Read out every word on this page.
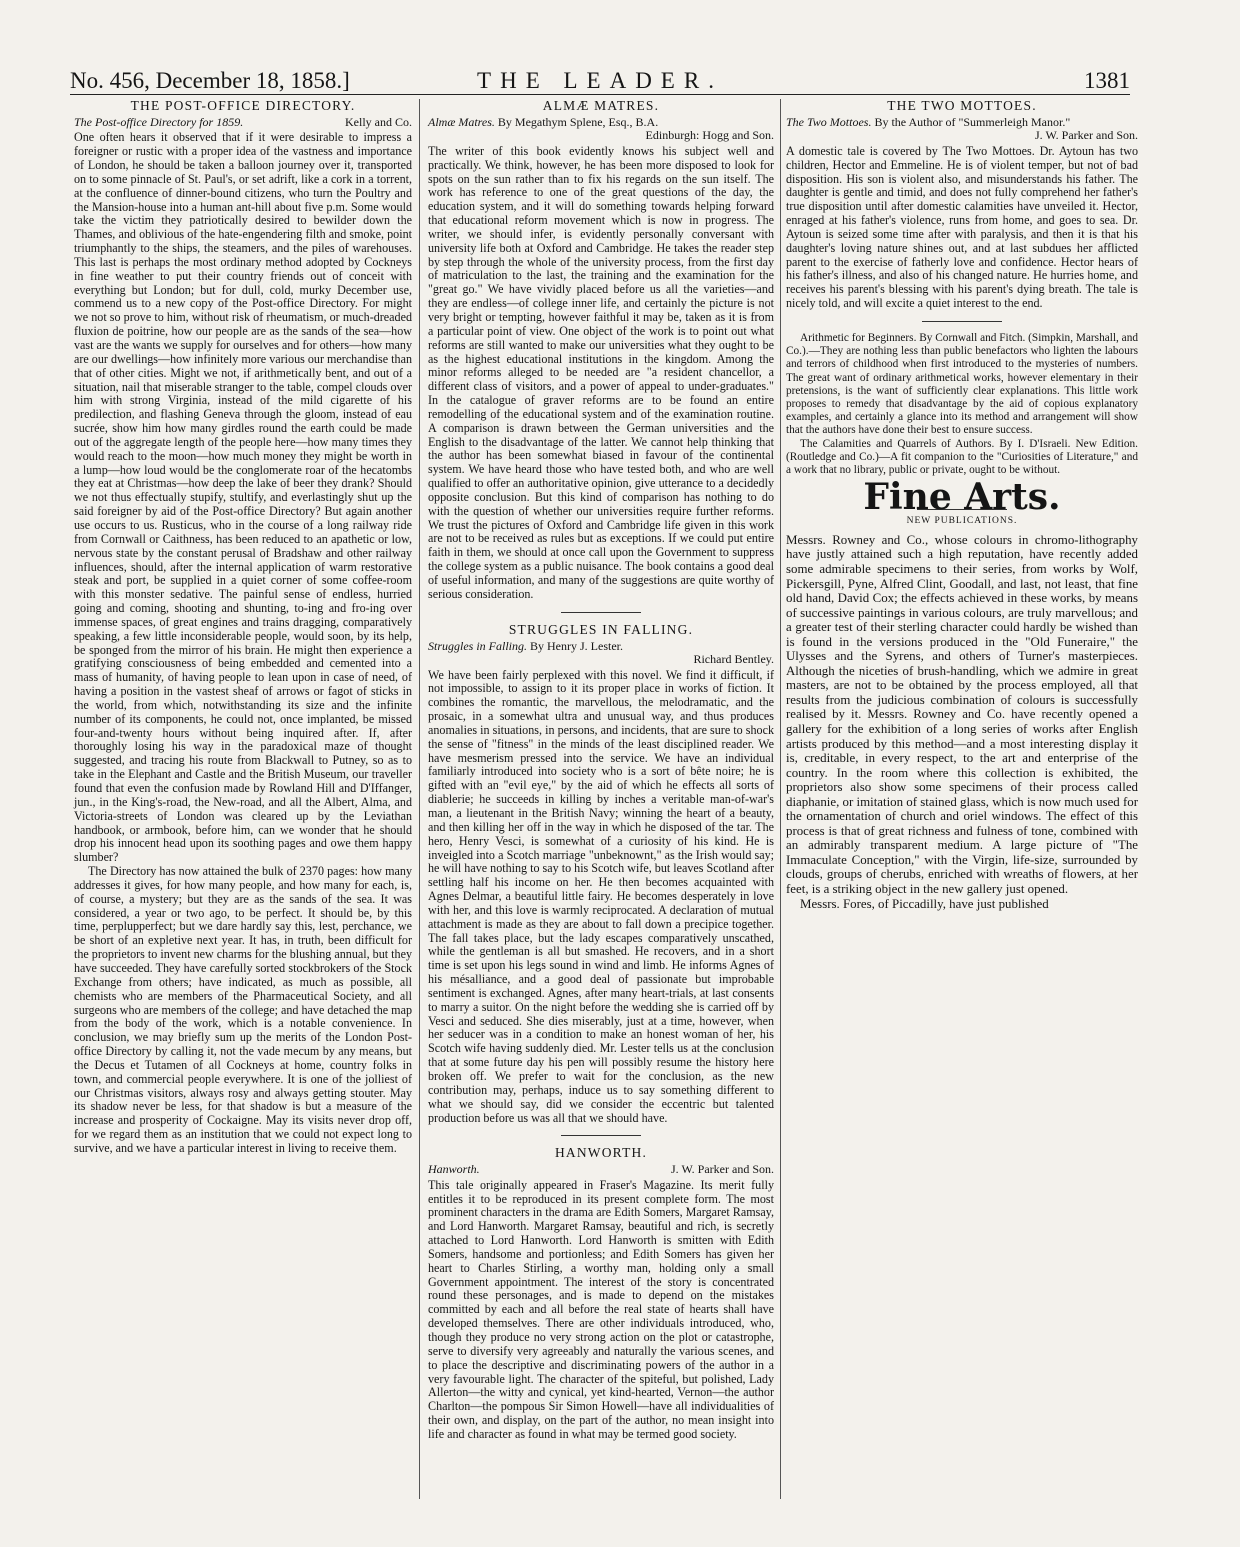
No. 456, December 18, 1858.]	THE LEADER.	1381
THE POST-OFFICE DIRECTORY.
The Post-office Directory for 1859.	Kelly and Co.

One often hears it observed that if it were desirable to impress a foreigner or rustic with a proper idea of the vastness and importance of London, he should be taken a balloon journey over it, transported on to some pinnacle of St. Paul's, or set adrift, like a cork in a torrent, at the confluence of dinner-bound citizens, who turn the Poultry and the Mansion-house into a human ant-hill about five p.m. Some would take the victim they patriotically desired to bewilder down the Thames, and oblivious of the hate-engendering filth and smoke, point triumphantly to the ships, the steamers, and the piles of warehouses. This last is perhaps the most ordinary method adopted by Cockneys in fine weather to put their country friends out of conceit with everything but London; but for dull, cold, murky December use, commend us to a new copy of the Post-office Directory. For might we not so prove to him, without risk of rheumatism, or much-dreaded fluxion de poitrine, how our people are as the sands of the sea—how vast are the wants we supply for ourselves and for others—how many are our dwellings—how infinitely more various our merchandise than that of other cities. Might we not, if arithmetically bent, and out of a situation, nail that miserable stranger to the table, compel clouds over him with strong Virginia, instead of the mild cigarette of his predilection, and flashing Geneva through the gloom, instead of eau sucrée, show him how many girdles round the earth could be made out of the aggregate length of the people here—how many times they would reach to the moon—how much money they might be worth in a lump—how loud would be the conglomerate roar of the hecatombs they eat at Christmas—how deep the lake of beer they drank? Should we not thus effectually stupify, stultify, and everlastingly shut up the said foreigner by aid of the Post-office Directory? But again another use occurs to us. Rusticus, who in the course of a long railway ride from Cornwall or Caithness, has been reduced to an apathetic or low, nervous state by the constant perusal of Bradshaw and other railway influences, should, after the internal application of warm restorative steak and port, be supplied in a quiet corner of some coffee-room with this monster sedative. The painful sense of endless, hurried going and coming, shooting and shunting, to-ing and fro-ing over immense spaces, of great engines and trains dragging, comparatively speaking, a few little inconsiderable people, would soon, by its help, be sponged from the mirror of his brain. He might then experience a gratifying consciousness of being embedded and cemented into a mass of humanity, of having people to lean upon in case of need, of having a position in the vastest sheaf of arrows or fagot of sticks in the world, from which, notwithstanding its size and the infinite number of its components, he could not, once implanted, be missed four-and-twenty hours without being inquired after. If, after thoroughly losing his way in the paradoxical maze of thought suggested, and tracing his route from Blackwall to Putney, so as to take in the Elephant and Castle and the British Museum, our traveller found that even the confusion made by Rowland Hill and D'Iffanger, jun., in the King's-road, the New-road, and all the Albert, Alma, and Victoria-streets of London was cleared up by the Leviathan handbook, or armbook, before him, can we wonder that he should drop his innocent head upon its soothing pages and owe them happy slumber?

The Directory has now attained the bulk of 2370 pages: how many addresses it gives, for how many people, and how many for each, is, of course, a mystery; but they are as the sands of the sea. It was considered, a year or two ago, to be perfect. It should be, by this time, perplupperfect; but we dare hardly say this, lest, perchance, we be short of an expletive next year. It has, in truth, been difficult for the proprietors to invent new charms for the blushing annual, but they have succeeded. They have carefully sorted stockbrokers of the Stock Exchange from others; have indicated, as much as possible, all chemists who are members of the Pharmaceutical Society, and all surgeons who are members of the college; and have detached the map from the body of the work, which is a notable convenience. In conclusion, we may briefly sum up the merits of the London Post-office Directory by calling it, not the vade mecum by any means, but the Decus et Tutamen of all Cockneys at home, country folks in town, and commercial people everywhere. It is one of the jolliest of our Christmas visitors, always rosy and always getting stouter. May its shadow never be less, for that shadow is but a measure of the increase and prosperity of Cockaigne. May its visits never drop off, for we regard them as an institution that we could not expect long to survive, and we have a particular interest in living to receive them.

ALMÆ MATRES.
Almæ Matres. By Megathym Splene, Esq., B.A.

Edinburgh: Hogg and Son.

The writer of this book evidently knows his subject well and practically. We think, however, he has been more disposed to look for spots on the sun rather than to fix his regards on the sun itself. The work has reference to one of the great questions of the day, the education system, and it will do something towards helping forward that educational reform movement which is now in progress. The writer, we should infer, is evidently personally conversant with university life both at Oxford and Cambridge. He takes the reader step by step through the whole of the university process, from the first day of matriculation to the last, the training and the examination for the "great go." We have vividly placed before us all the varieties—and they are endless—of college inner life, and certainly the picture is not very bright or tempting, however faithful it may be, taken as it is from a particular point of view. One object of the work is to point out what reforms are still wanted to make our universities what they ought to be as the highest educational institutions in the kingdom. Among the minor reforms alleged to be needed are "a resident chancellor, a different class of visitors, and a power of appeal to under-graduates." In the catalogue of graver reforms are to be found an entire remodelling of the educational system and of the examination routine. A comparison is drawn between the German universities and the English to the disadvantage of the latter. We cannot help thinking that the author has been somewhat biased in favour of the continental system. We have heard those who have tested both, and who are well qualified to offer an authoritative opinion, give utterance to a decidedly opposite conclusion. But this kind of comparison has nothing to do with the question of whether our universities require further reforms. We trust the pictures of Oxford and Cambridge life given in this work are not to be received as rules but as exceptions. If we could put entire faith in them, we should at once call upon the Government to suppress the college system as a public nuisance. The book contains a good deal of useful information, and many of the suggestions are quite worthy of serious consideration.

STRUGGLES IN FALLING.
Struggles in Falling. By Henry J. Lester.

Richard Bentley.

We have been fairly perplexed with this novel. We find it difficult, if not impossible, to assign to it its proper place in works of fiction. It combines the romantic, the marvellous, the melodramatic, and the prosaic, in a somewhat ultra and unusual way, and thus produces anomalies in situations, in persons, and incidents, that are sure to shock the sense of "fitness" in the minds of the least disciplined reader. We have mesmerism pressed into the service. We have an individual familiarly introduced into society who is a sort of bête noire; he is gifted with an "evil eye," by the aid of which he effects all sorts of diablerie; he succeeds in killing by inches a veritable man-of-war's man, a lieutenant in the British Navy; winning the heart of a beauty, and then killing her off in the way in which he disposed of the tar. The hero, Henry Vesci, is somewhat of a curiosity of his kind. He is inveigled into a Scotch marriage "unbeknownt," as the Irish would say; he will have nothing to say to his Scotch wife, but leaves Scotland after settling half his income on her. He then becomes acquainted with Agnes Delmar, a beautiful little fairy. He becomes desperately in love with her, and this love is warmly reciprocated. A declaration of mutual attachment is made as they are about to fall down a precipice together. The fall takes place, but the lady escapes comparatively unscathed, while the gentleman is all but smashed. He recovers, and in a short time is set upon his legs sound in wind and limb. He informs Agnes of his mésalliance, and a good deal of passionate but improbable sentiment is exchanged. Agnes, after many heart-trials, at last consents to marry a suitor. On the night before the wedding she is carried off by Vesci and seduced. She dies miserably, just at a time, however, when her seducer was in a condition to make an honest woman of her, his Scotch wife having suddenly died. Mr. Lester tells us at the conclusion that at some future day his pen will possibly resume the history here broken off. We prefer to wait for the conclusion, as the new contribution may, perhaps, induce us to say something different to what we should say, did we consider the eccentric but talented production before us was all that we should have.

HANWORTH.
Hanworth.	J. W. Parker and Son.

This tale originally appeared in Fraser's Magazine. Its merit fully entitles it to be reproduced in its present complete form. The most prominent characters in the drama are Edith Somers, Margaret Ramsay, and Lord Hanworth. Margaret Ramsay, beautiful and rich, is secretly attached to Lord Hanworth. Lord Hanworth is smitten with Edith Somers, handsome and portionless; and Edith Somers has given her heart to Charles Stirling, a worthy man, holding only a small Government appointment. The interest of the story is concentrated round these personages, and is made to depend on the mistakes committed by each and all before the real state of hearts shall have developed themselves. There are other individuals introduced, who, though they produce no very strong action on the plot or catastrophe, serve to diversify very agreeably and naturally the various scenes, and to place the descriptive and discriminating powers of the author in a very favourable light. The character of the spiteful, but polished, Lady Allerton—the witty and cynical, yet kind-hearted, Vernon—the author Charlton—the pompous Sir Simon Howell—have all individualities of their own, and display, on the part of the author, no mean insight into life and character as found in what may be termed good society.

THE TWO MOTTOES.
The Two Mottoes. By the Author of "Summerleigh Manor."

J. W. Parker and Son.

A domestic tale is covered by The Two Mottoes. Dr. Aytoun has two children, Hector and Emmeline. He is of violent temper, but not of bad disposition. His son is violent also, and misunderstands his father. The daughter is gentle and timid, and does not fully comprehend her father's true disposition until after domestic calamities have unveiled it. Hector, enraged at his father's violence, runs from home, and goes to sea. Dr. Aytoun is seized some time after with paralysis, and then it is that his daughter's loving nature shines out, and at last subdues her afflicted parent to the exercise of fatherly love and confidence. Hector hears of his father's illness, and also of his changed nature. He hurries home, and receives his parent's blessing with his parent's dying breath. The tale is nicely told, and will excite a quiet interest to the end.

Arithmetic for Beginners. By Cornwall and Fitch. (Simpkin, Marshall, and Co.).—They are nothing less than public benefactors who lighten the labours and terrors of childhood when first introduced to the mysteries of numbers. The great want of ordinary arithmetical works, however elementary in their pretensions, is the want of sufficiently clear explanations. This little work proposes to remedy that disadvantage by the aid of copious explanatory examples, and certainly a glance into its method and arrangement will show that the authors have done their best to ensure success.

The Calamities and Quarrels of Authors. By I. D'Israeli. New Edition. (Routledge and Co.)—A fit companion to the "Curiosities of Literature," and a work that no library, public or private, ought to be without.

Fine Arts.
NEW PUBLICATIONS.

Messrs. Rowney and Co., whose colours in chromo-lithography have justly attained such a high reputation, have recently added some admirable specimens to their series, from works by Wolf, Pickersgill, Pyne, Alfred Clint, Goodall, and last, not least, that fine old hand, David Cox; the effects achieved in these works, by means of successive paintings in various colours, are truly marvellous; and a greater test of their sterling character could hardly be wished than is found in the versions produced in the "Old Funeraire," the Ulysses and the Syrens, and others of Turner's masterpieces. Although the niceties of brush-handling, which we admire in great masters, are not to be obtained by the process employed, all that results from the judicious combination of colours is successfully realised by it. Messrs. Rowney and Co. have recently opened a gallery for the exhibition of a long series of works after English artists produced by this method—and a most interesting display it is, creditable, in every respect, to the art and enterprise of the country. In the room where this collection is exhibited, the proprietors also show some specimens of their process called diaphanie, or imitation of stained glass, which is now much used for the ornamentation of church and oriel windows. The effect of this process is that of great richness and fulness of tone, combined with an admirably transparent medium. A large picture of "The Immaculate Conception," with the Virgin, life-size, surrounded by clouds, groups of cherubs, enriched with wreaths of flowers, at her feet, is a striking object in the new gallery just opened.

Messrs. Fores, of Piccadilly, have just published
